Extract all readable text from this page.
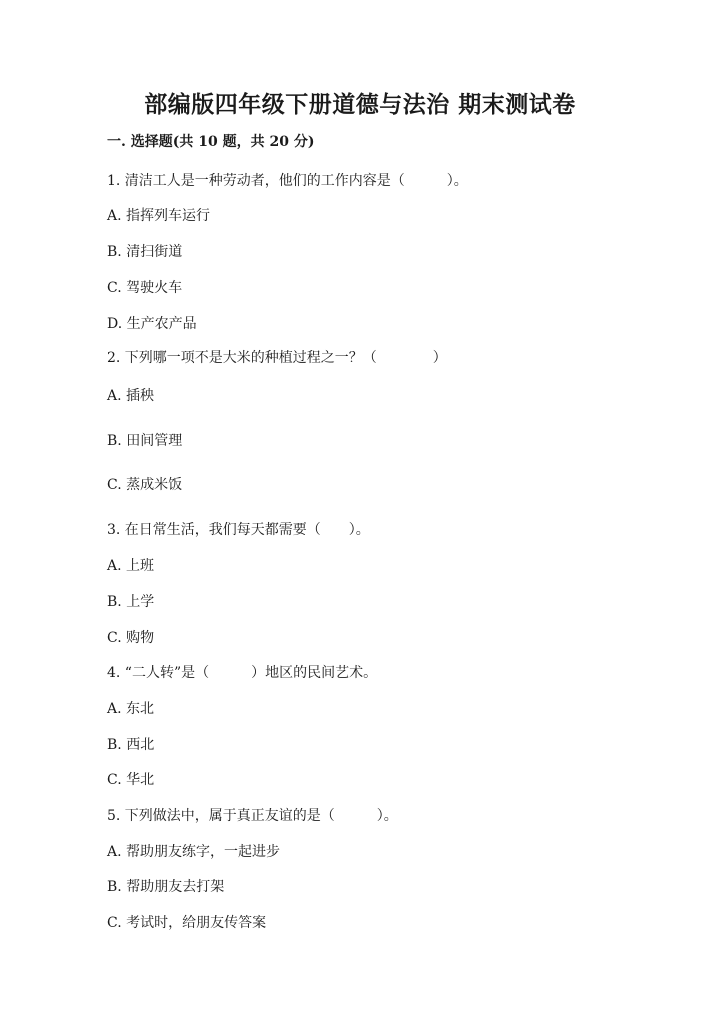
部编版四年级下册道德与法治 期末测试卷
一. 选择题(共 10 题，共 20 分)
1. 清洁工人是一种劳动者，他们的工作内容是（　　　）。
A. 指挥列车运行
B. 清扫街道
C. 驾驶火车
D. 生产农产品
2. 下列哪一项不是大米的种植过程之一？（　　　　）
A. 插秧
B. 田间管理
C. 蒸成米饭
3. 在日常生活，我们每天都需要（　　）。
A. 上班
B. 上学
C. 购物
4. “二人转”是（　　　）地区的民间艺术。
A. 东北
B. 西北
C. 华北
5. 下列做法中，属于真正友谊的是（　　　）。
A. 帮助朋友练字，一起进步
B. 帮助朋友去打架
C. 考试时，给朋友传答案
